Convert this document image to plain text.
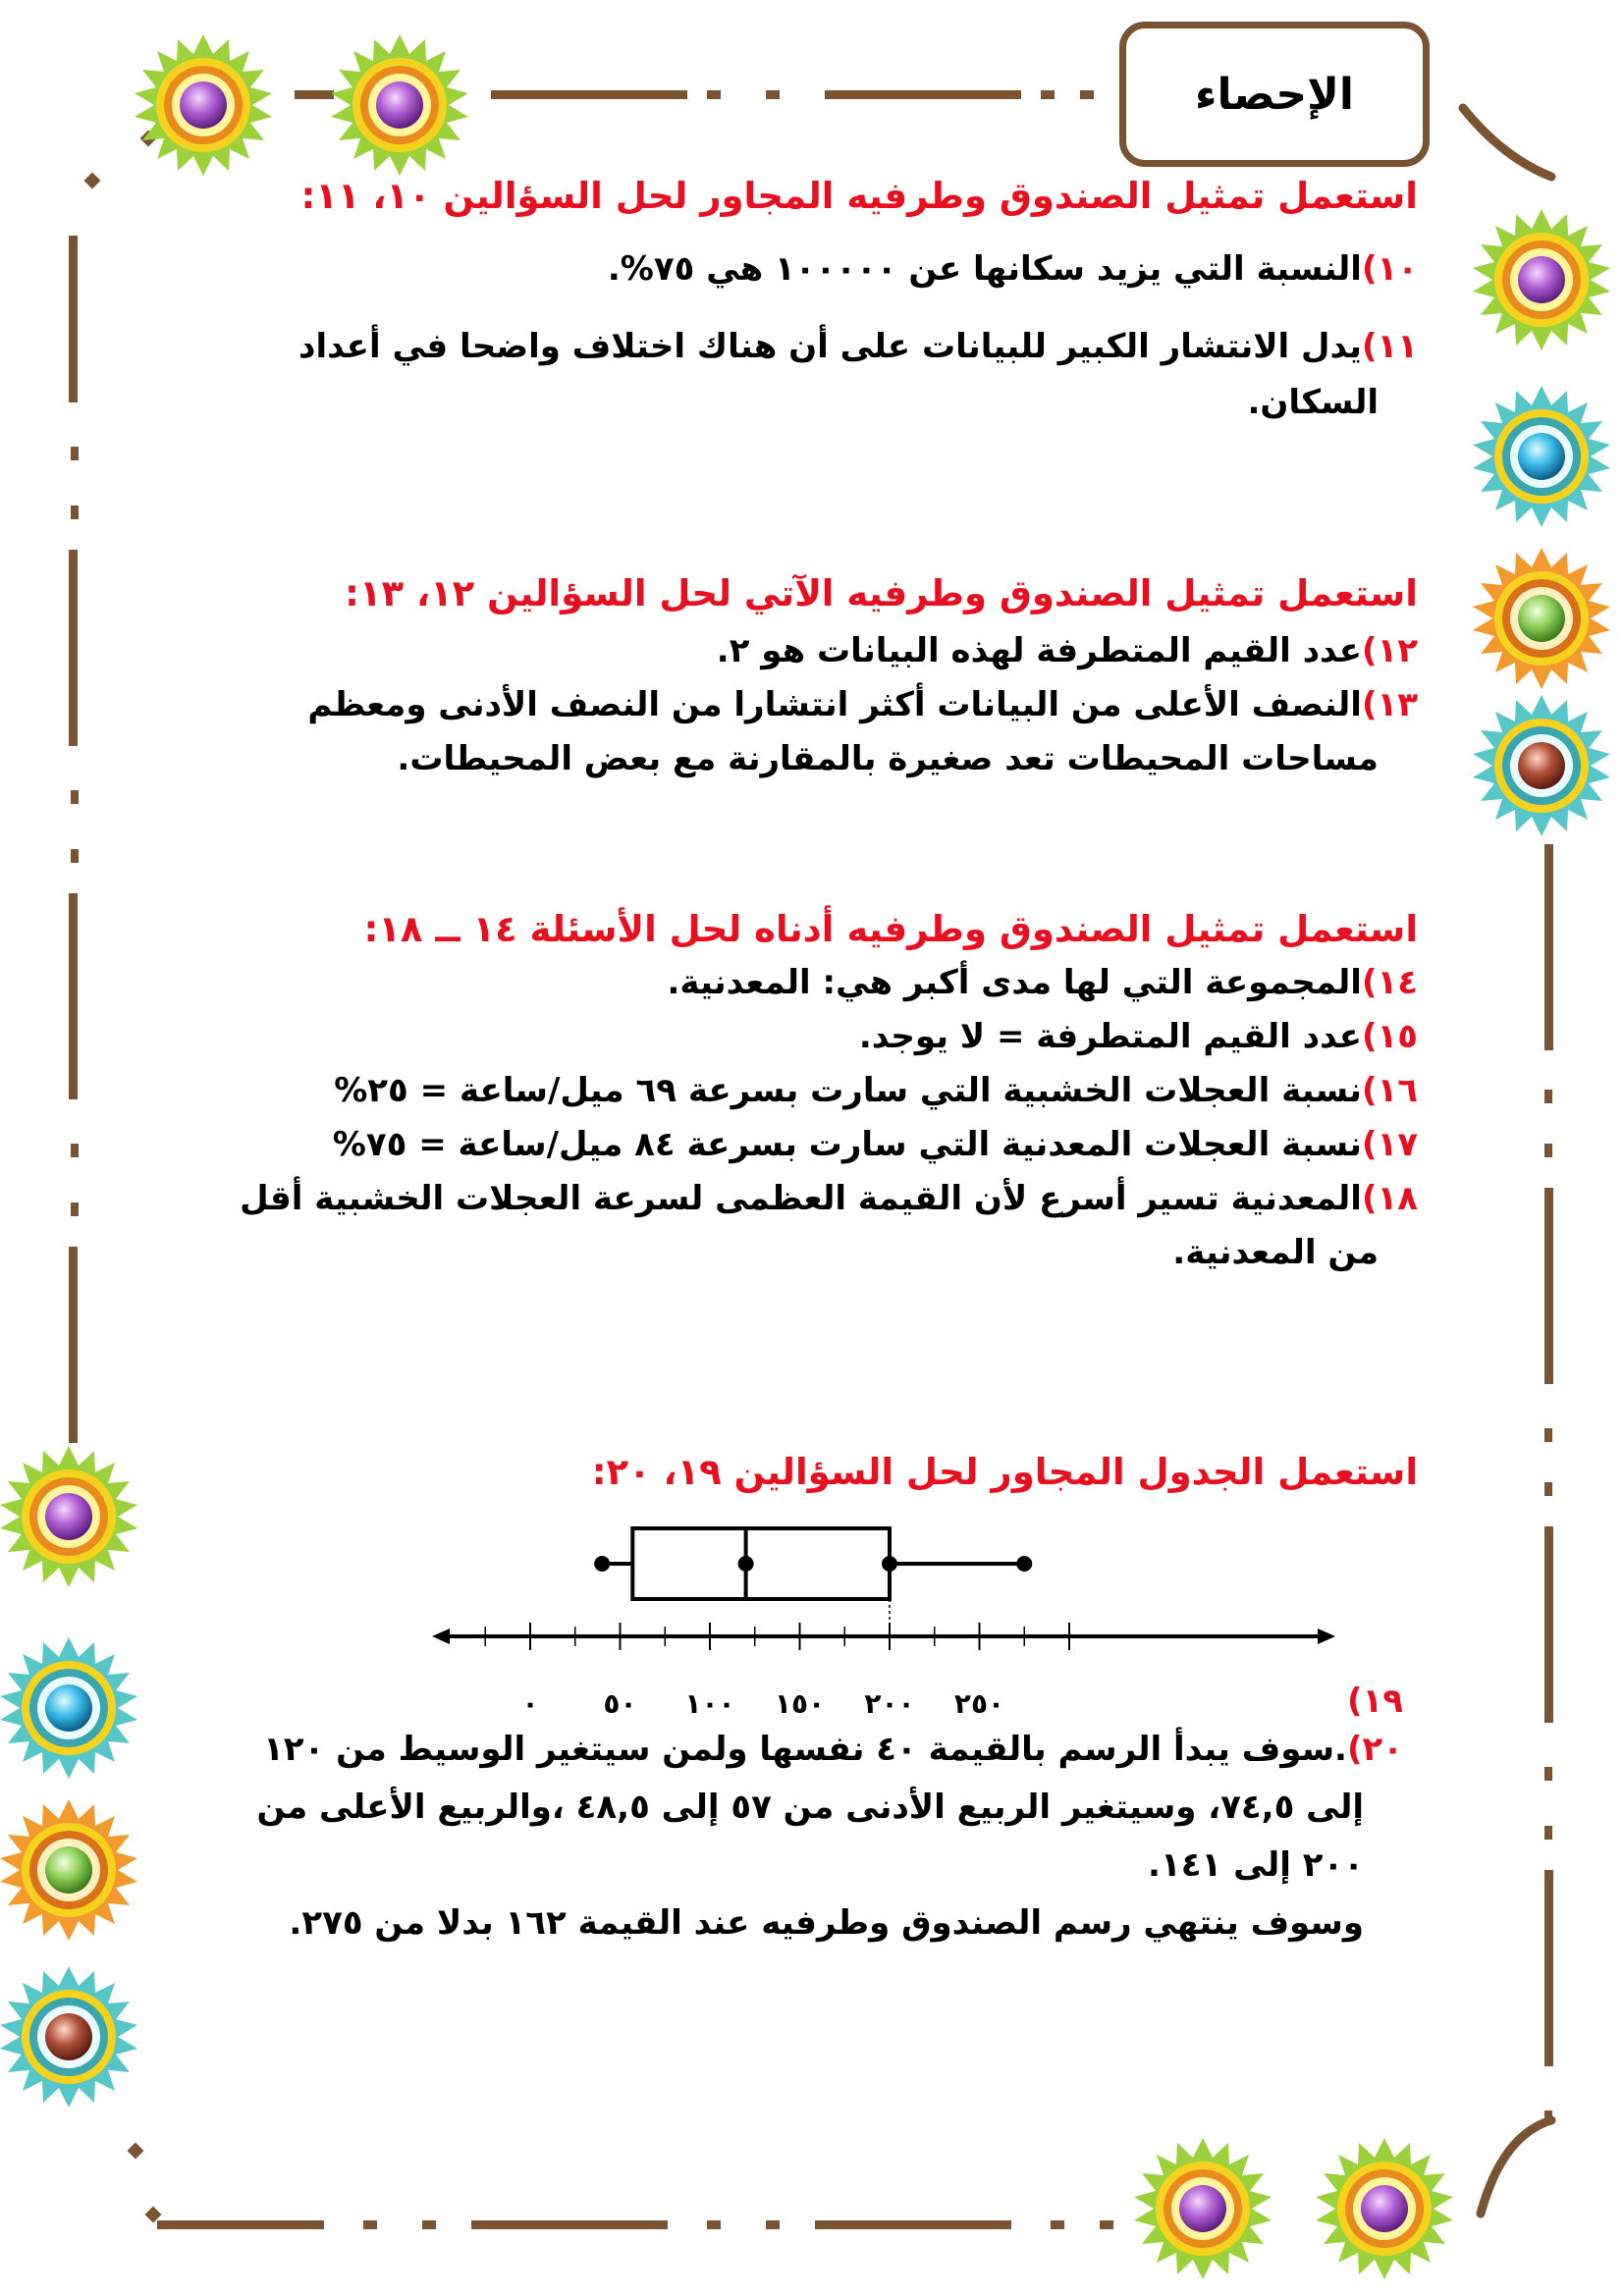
الإحصاء
استعمل تمثيل الصندوق وطرفيه المجاور لحل السؤالين ١٠، ١١:
١٠)النسبة التي يزيد سكانها عن ١٠٠٠٠٠ هي ٧٥%.
١١)يدل الانتشار الكبير للبيانات على أن هناك اختلاف واضحا في أعداد
السكان.
استعمل تمثيل الصندوق وطرفيه الآتي لحل السؤالين ١٢، ١٣:
١٢)عدد القيم المتطرفة لهذه البيانات هو ٢.
١٣)النصف الأعلى من البيانات أكثر انتشارا من النصف الأدنى ومعظم
مساحات المحيطات تعد صغيرة بالمقارنة مع بعض المحيطات.
استعمل تمثيل الصندوق وطرفيه أدناه لحل الأسئلة ١٤ ــ ١٨:
١٤)المجموعة التي لها مدى أكبر هي: المعدنية.
١٥)عدد القيم المتطرفة = لا يوجد.
١٦)نسبة العجلات الخشبية التي سارت بسرعة ٦٩ ميل/ساعة = ٢٥%
١٧)نسبة العجلات المعدنية التي سارت بسرعة ٨٤ ميل/ساعة = ٧٥%
١٨)المعدنية تسير أسرع لأن القيمة العظمى لسرعة العجلات الخشبية أقل
من المعدنية.
استعمل الجدول المجاور لحل السؤالين ١٩، ٢٠:
٠ ٥٠ ١٠٠ ١٥٠ ٢٠٠ ٢٥٠	١٩)
٢٠).سوف يبدأ الرسم بالقيمة ٤٠ نفسها ولمن سيتغير الوسيط من ١٢٠
إلى ٧٤,٥، وسيتغير الربيع الأدنى من ٥٧ إلى ٤٨,٥ ،والربيع الأعلى من
٢٠٠ إلى ١٤١.
وسوف ينتهي رسم الصندوق وطرفيه عند القيمة ١٦٢ بدلا من ٢٧٥.
